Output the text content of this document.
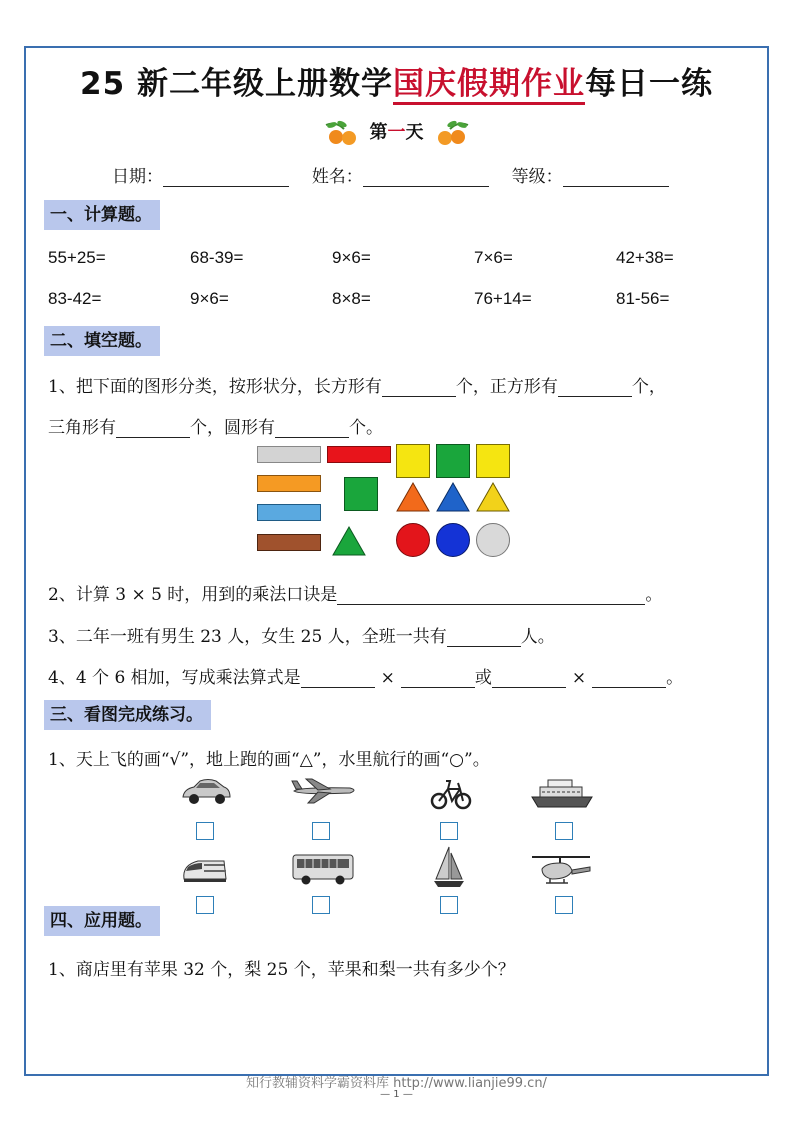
25 新二年级上册数学国庆假期作业每日一练
第一天
日期：	姓名：	等级：
一、计算题。
55+25=	68-39=	9×6=	7×6=	42+38=
83-42=	9×6=	8×8=	76+14=	81-56=
二、填空题。
1、把下面的图形分类，按形状分，长方形有	个，正方形有	个，
三角形有	个，圆形有	个。
2、计算 3 × 5 时，用到的乘法口诀是	。
3、二年一班有男生 23 人，女生 25 人，全班一共有	人。
4、4 个 6 相加，写成乘法算式是	×	或	×	。
三、看图完成练习。
1、天上飞的画“√”，地上跑的画“△”，水里航行的画“○”。
四、应用题。
1、商店里有苹果 32 个，梨 25 个，苹果和梨一共有多少个？
知行教辅资料学霸资料库 http://www.lianjie99.cn/
— 1 —
